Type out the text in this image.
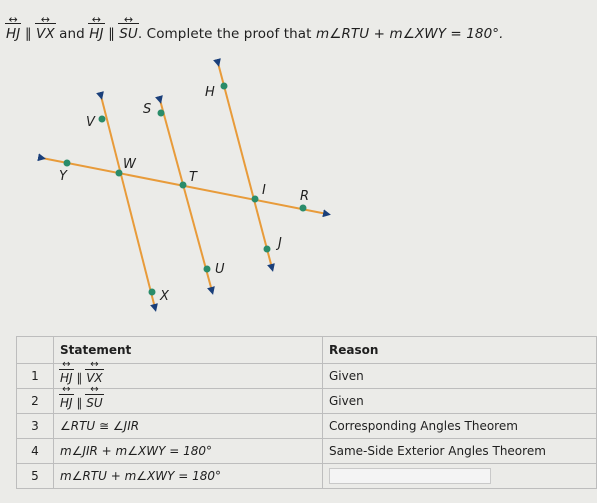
HJ ↔ ∥ VX ↔ and HJ ↔ ∥ SU ↔. Complete the proof that m∠RTU + m∠XWY = 180°.
H
S
V
W
Y	T
I	R
J
U
X
	Statement	Reason
1	HJ ↔ ∥ VX ↔	Given
2	HJ ↔ ∥ SU ↔	Given
3	∠RTU ≅ ∠JIR	Corresponding Angles Theorem
4	m∠JIR + m∠XWY = 180°	Same-Side Exterior Angles Theorem
5	m∠RTU + m∠XWY = 180°	
